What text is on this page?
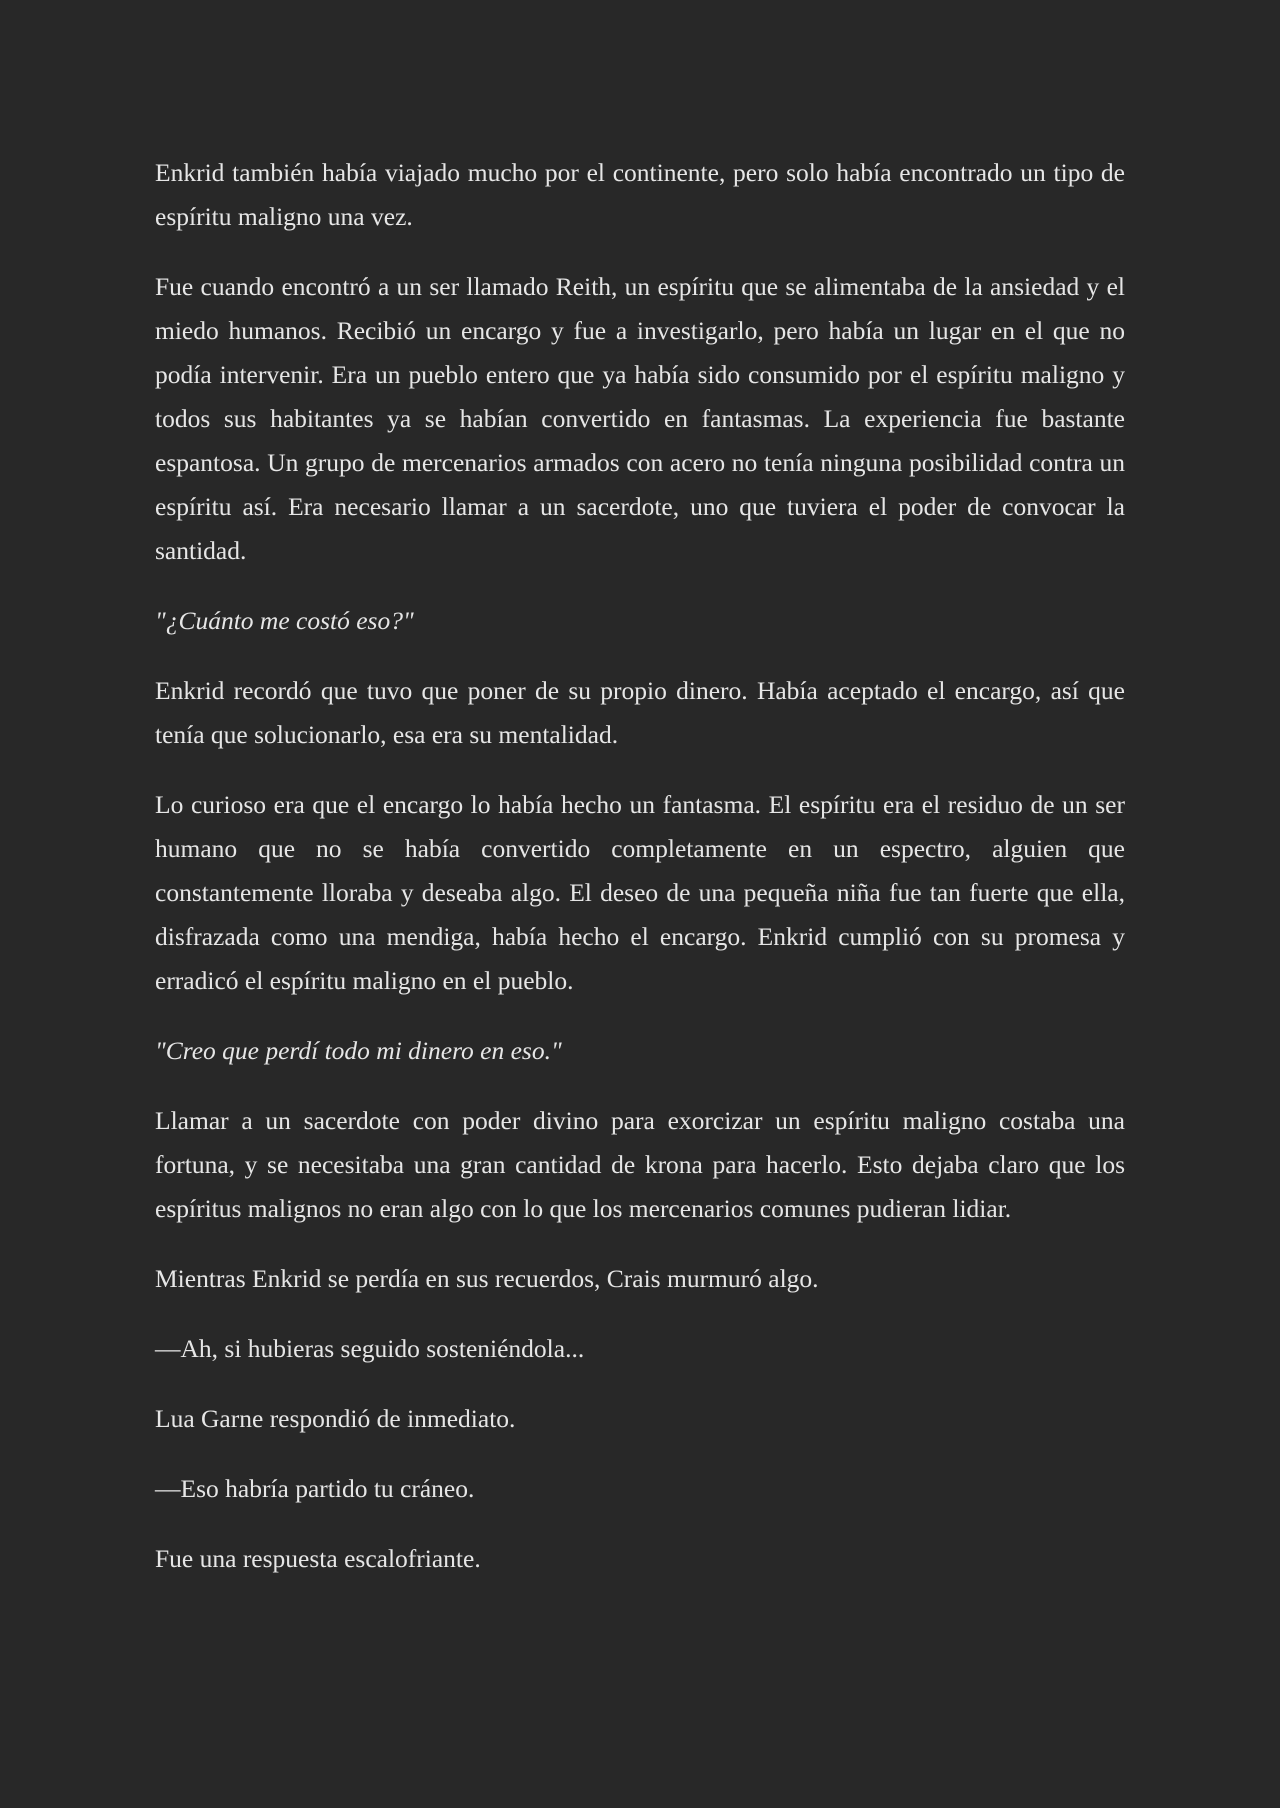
Enkrid también había viajado mucho por el continente, pero solo había encontrado un tipo de espíritu maligno una vez.

Fue cuando encontró a un ser llamado Reith, un espíritu que se alimentaba de la ansiedad y el miedo humanos. Recibió un encargo y fue a investigarlo, pero había un lugar en el que no podía intervenir. Era un pueblo entero que ya había sido consumido por el espíritu maligno y todos sus habitantes ya se habían convertido en fantasmas. La experiencia fue bastante espantosa. Un grupo de mercenarios armados con acero no tenía ninguna posibilidad contra un espíritu así. Era necesario llamar a un sacerdote, uno que tuviera el poder de convocar la santidad.

"¿Cuánto me costó eso?"

Enkrid recordó que tuvo que poner de su propio dinero. Había aceptado el encargo, así que tenía que solucionarlo, esa era su mentalidad.

Lo curioso era que el encargo lo había hecho un fantasma. El espíritu era el residuo de un ser humano que no se había convertido completamente en un espectro, alguien que constantemente lloraba y deseaba algo. El deseo de una pequeña niña fue tan fuerte que ella, disfrazada como una mendiga, había hecho el encargo. Enkrid cumplió con su promesa y erradicó el espíritu maligno en el pueblo.

"Creo que perdí todo mi dinero en eso."

Llamar a un sacerdote con poder divino para exorcizar un espíritu maligno costaba una fortuna, y se necesitaba una gran cantidad de krona para hacerlo. Esto dejaba claro que los espíritus malignos no eran algo con lo que los mercenarios comunes pudieran lidiar.

Mientras Enkrid se perdía en sus recuerdos, Crais murmuró algo.

—Ah, si hubieras seguido sosteniéndola...

Lua Garne respondió de inmediato.

—Eso habría partido tu cráneo.

Fue una respuesta escalofriante.
